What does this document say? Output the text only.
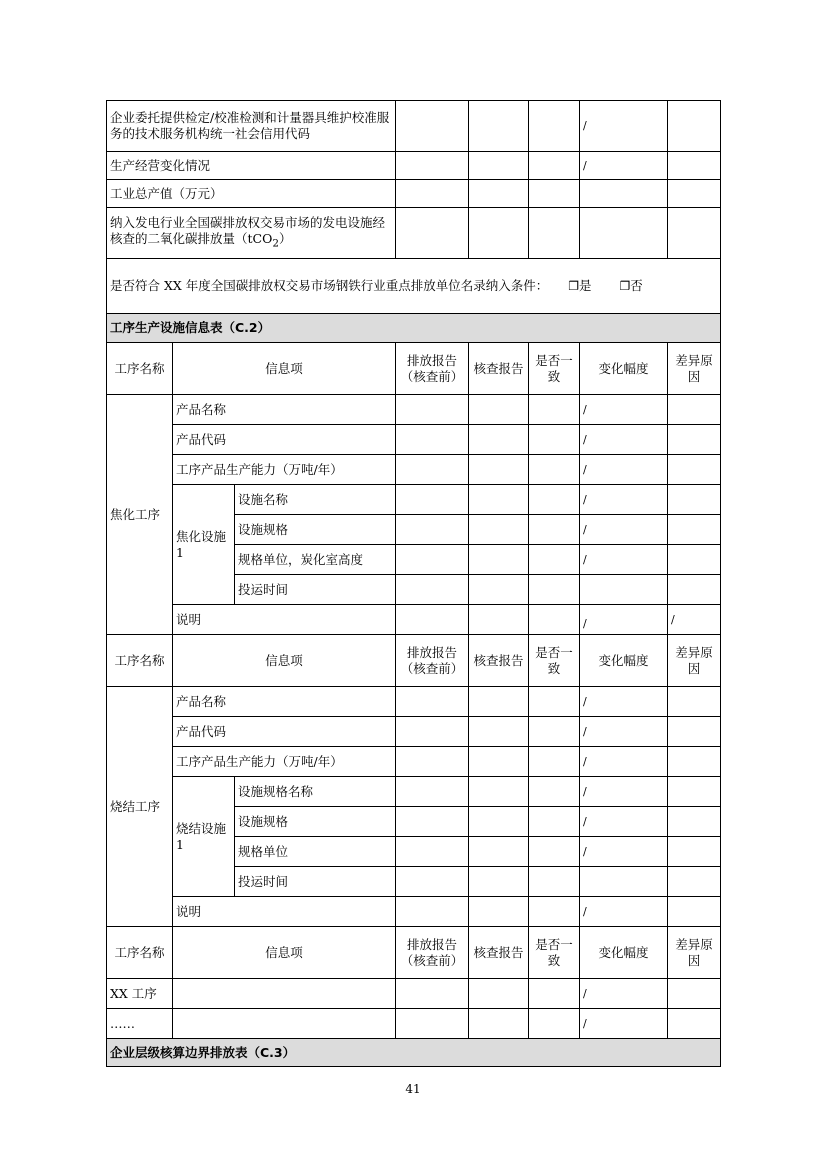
企业委托提供检定/校准检测和计量器具维护校准服务的技术服务机构统一社会信用代码						/	
生产经营变化情况						/	
工业总产值（万元）							
纳入发电行业全国碳排放权交易市场的发电设施经核查的二氧化碳排放量（tCO$_2$）							
是否符合 XX 年度全国碳排放权交易市场钢铁行业重点排放单位名录纳入条件： ❐是 ❐否							
工序生产设施信息表（C.2）							
工序名称	信息项		排放报告（核查前）	核查报告	是否一致	变化幅度	差异原因
焦化工序	产品名称					/	
	产品代码					/	
	工序产品生产能力（万吨/年）					/	
	焦化设施 1	设施名称				/	
		设施规格				/	
		规格单位，炭化室高度				/	
		投运时间					
	说明					/	/
工序名称	信息项		排放报告（核查前）	核查报告	是否一致	变化幅度	差异原因
烧结工序	产品名称					/	
	产品代码					/	
	工序产品生产能力（万吨/年）					/	
	烧结设施 1	设施规格名称				/	
		设施规格				/	
		规格单位				/	
		投运时间					
	说明					/	
工序名称	信息项		排放报告（核查前）	核查报告	是否一致	变化幅度	差异原因
XX 工序						/	
……						/	
企业层级核算边界排放表（C.3）							
41
